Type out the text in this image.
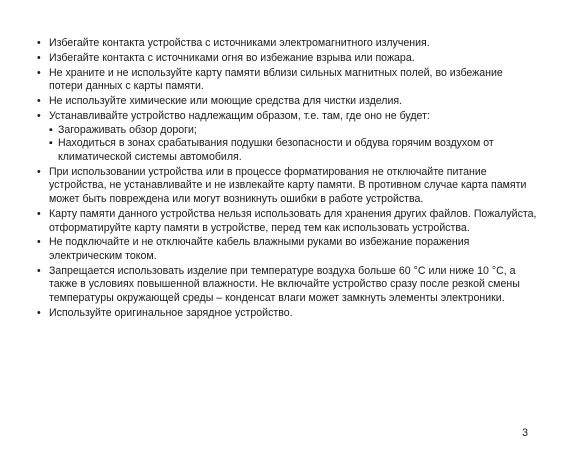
• Избегайте контакта устройства с источниками электромагнитного излучения.
• Избегайте контакта с источниками огня во избежание взрыва или пожара.
• Не храните и не используйте карту памяти вблизи сильных магнитных полей, во избежание потери данных с карты памяти.
• Не используйте химические или моющие средства для чистки изделия.
• Устанавливайте устройство надлежащим образом, т.е. там, где оно не будет:
▪ Загораживать обзор дороги;
▪ Находиться в зонах срабатывания подушки безопасности и обдува горячим воздухом от климатической системы автомобиля.
• При использовании устройства или в процессе форматирования не отключайте питание устройства, не устанавливайте и не извлекайте карту памяти. В противном случае карта памяти может быть повреждена или могут возникнуть ошибки в работе устройства.
• Карту памяти данного устройства нельзя использовать для хранения других файлов. Пожалуйста, отформатируйте карту памяти в устройстве, перед тем как использовать устройства.
• Не подключайте и не отключайте кабель влажными руками во избежание поражения электрическим током.
• Запрещается использовать изделие при температуре воздуха больше 60 °С или ниже 10 °С, а также в условиях повышенной влажности. Не включайте устройство сразу после резкой смены температуры окружающей среды – конденсат влаги может замкнуть элементы электроники.
• Используйте оригинальное зарядное устройство.
3
